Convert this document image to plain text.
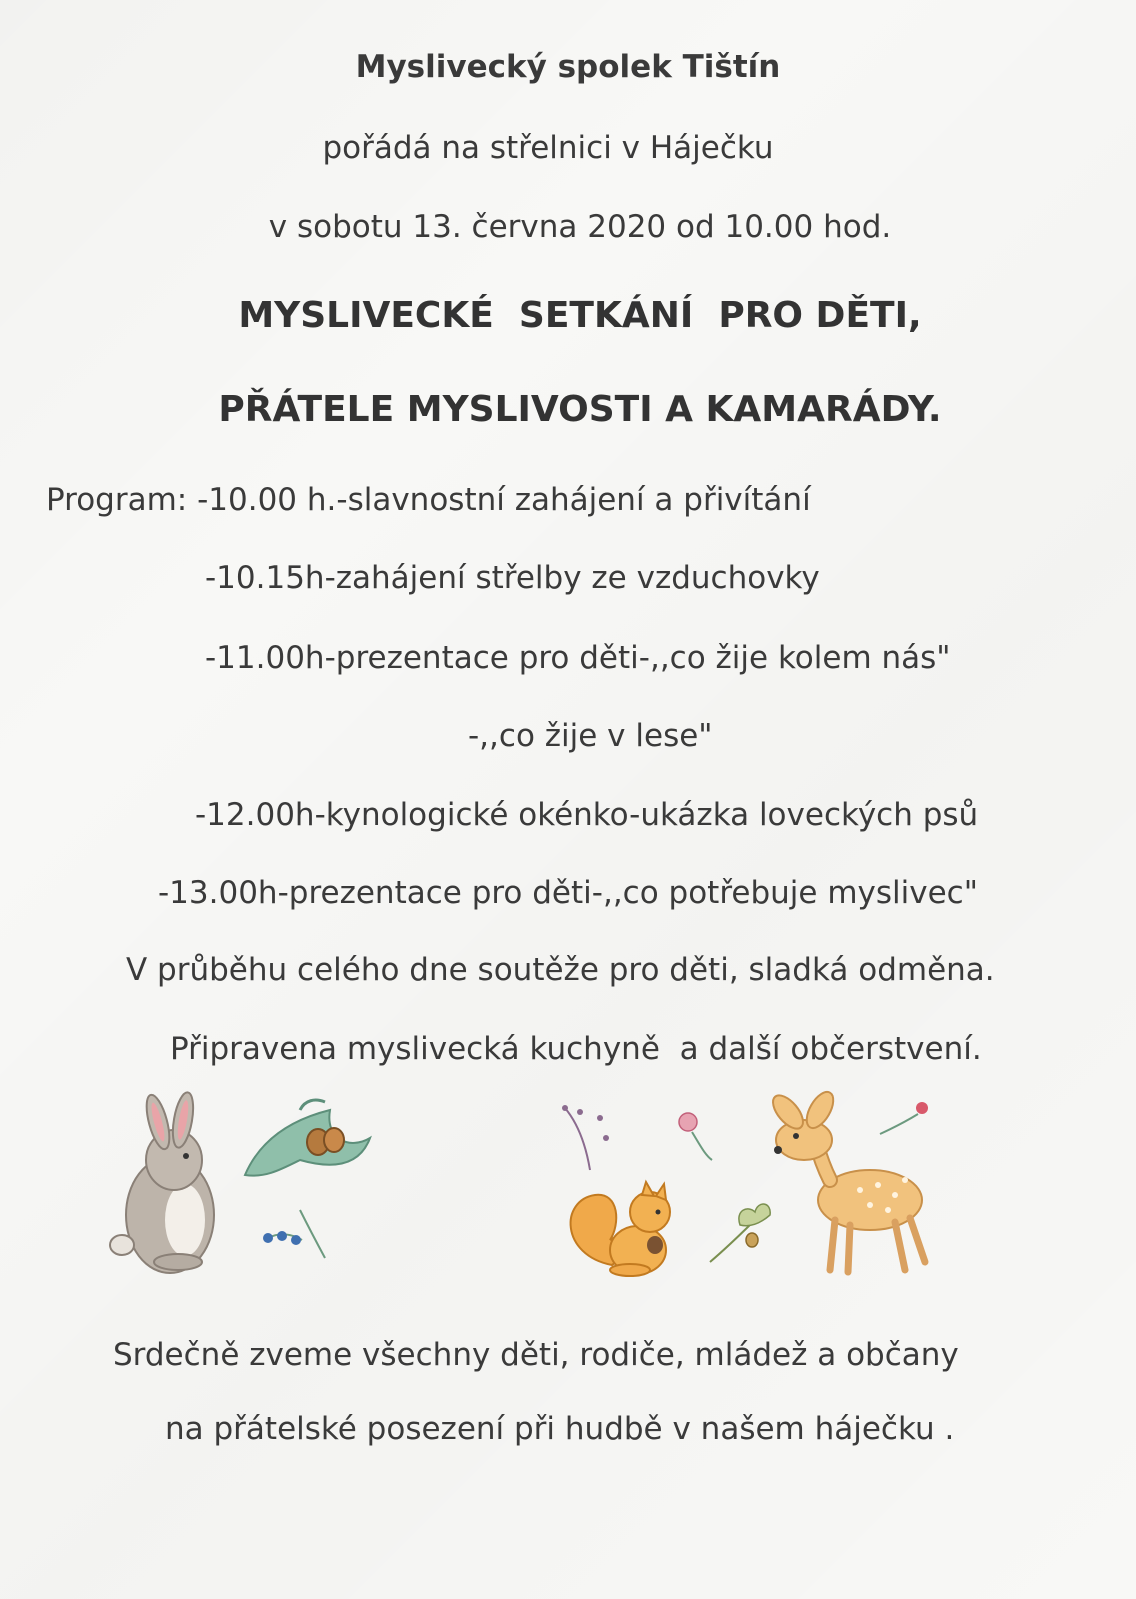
Myslivecký spolek Tištín
pořádá na střelnici v Háječku
v sobotu 13. června 2020 od 10.00 hod.
MYSLIVECKÉ  SETKÁNÍ  PRO DĚTI,
PŘÁTELE MYSLIVOSTI A KAMARÁDY.
Program: -10.00 h.-slavnostní zahájení a přivítání
-10.15h-zahájení střelby ze vzduchovky
-11.00h-prezentace pro děti-,,co žije kolem nás"
-,,co žije v lese"
-12.00h-kynologické okénko-ukázka loveckých psů
-13.00h-prezentace pro děti-,,co potřebuje myslivec"
V průběhu celého dne soutěže pro děti, sladká odměna.
Připravena myslivecká kuchyně  a další občerstvení.
Srdečně zveme všechny děti, rodiče, mládež a občany
na přátelské posezení při hudbě v našem háječku .
